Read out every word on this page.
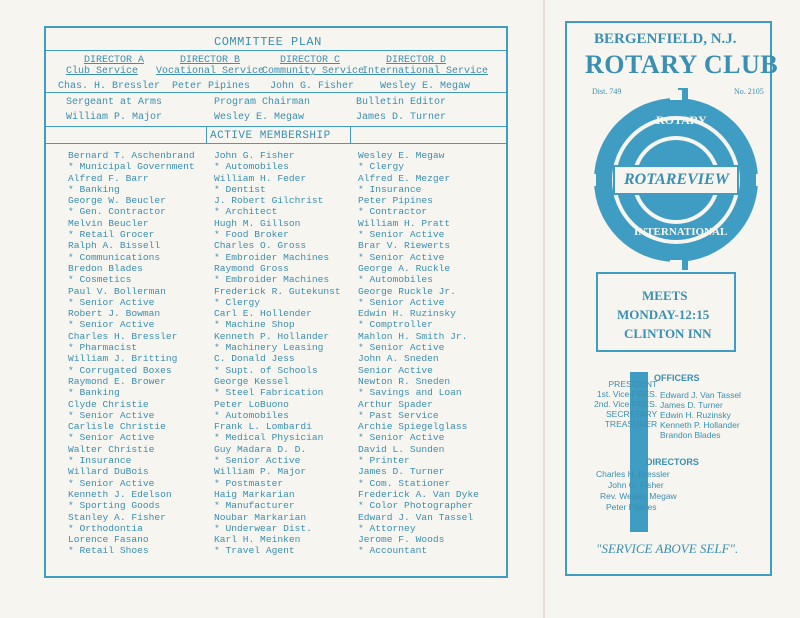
COMMITTEE PLAN
DIRECTOR A
Club Service
Chas. H. Bressler
DIRECTOR B
Vocational Service
Peter Pipines
DIRECTOR C
Community Service
John G. Fisher
DIRECTOR D
International Service
Wesley E. Megaw
Sergeant at Arms
William P. Major
Program Chairman
Wesley E. Megaw
Bulletin Editor
James D. Turner
ACTIVE MEMBERSHIP
Bernard T. Aschenbrand
* Municipal Government
Alfred F. Barr
* Banking
George W. Beucler
* Gen. Contractor
Melvin Beucler
* Retail Grocer
Ralph A. Bissell
* Communications
Bredon Blades
* Cosmetics
Paul V. Bollerman
* Senior Active
Robert J. Bowman
* Senior Active
Charles H. Bressler
* Pharmacist
William J. Britting
* Corrugated Boxes
Raymond E. Brower
* Banking
Clyde Christie
* Senior Active
Carlisle Christie
* Senior Active
Walter Christie
* Insurance
Willard DuBois
* Senior Active
Kenneth J. Edelson
* Sporting Goods
Stanley A. Fisher
* Orthodontia
Lorence Fasano
* Retail Shoes
John G. Fisher
* Automobiles
William H. Feder
* Dentist
J. Robert Gilchrist
* Architect
Hugh M. Gillson
* Food Broker
Charles O. Gross
* Embroider Machines
Raymond Gross
* Embroider Machines
Frederick R. Gutekunst
* Clergy
Carl E. Hollender
* Machine Shop
Kenneth P. Hollander
* Machinery Leasing
C. Donald Jess
* Supt. of Schools
George Kessel
* Steel Fabrication
Peter LoBuono
* Automobiles
Frank L. Lombardi
* Medical Physician
Guy Madara D. D.
* Senior Active
William P. Major
* Postmaster
Haig Markarian
* Manufacturer
Noubar Markarian
* Underwear Dist.
Karl H. Meinken
* Travel Agent
Wesley E. Megaw
* Clergy
Alfred E. Mezger
* Insurance
Peter Pipines
* Contractor
William H. Pratt
* Senior Active
Brar V. Riewerts
* Senior Active
George A. Ruckle
* Automobiles
George Ruckle Jr.
* Senior Active
Edwin H. Ruzinsky
* Comptroller
Mahlon H. Smith Jr.
* Senior Active
John A. Sneden
Senior Active
Newton R. Sneden
* Savings and Loan
Arthur Spader
* Past Service
Archie Spiegelglass
* Senior Active
David L. Sunden
* Printer
James D. Turner
* Com. Stationer
Frederick A. Van Dyke
* Color Photographer
Edward J. Van Tassel
* Attorney
Jerome F. Woods
* Accountant
BERGENFIELD, N.J.
ROTARY CLUB
Dist. 749	No. 2105
ROTARY
ROTAREVIEW
INTERNATIONAL
MEETS
MONDAY-12:15
CLINTON INN
OFFICERS
PRESIDENT
1st. Vice PRES.
2nd. Vice PRES.
SECRETARY
TREASURER
Edward J. Van Tassel
James D. Turner
Edwin H. Ruzinsky
Kenneth P. Hollander
Brandon Blades
DIRECTORS
Charles H. Bressler
John G. Fisher
Rev. Wesley Megaw
Peter Pipines
"SERVICE ABOVE SELF".
